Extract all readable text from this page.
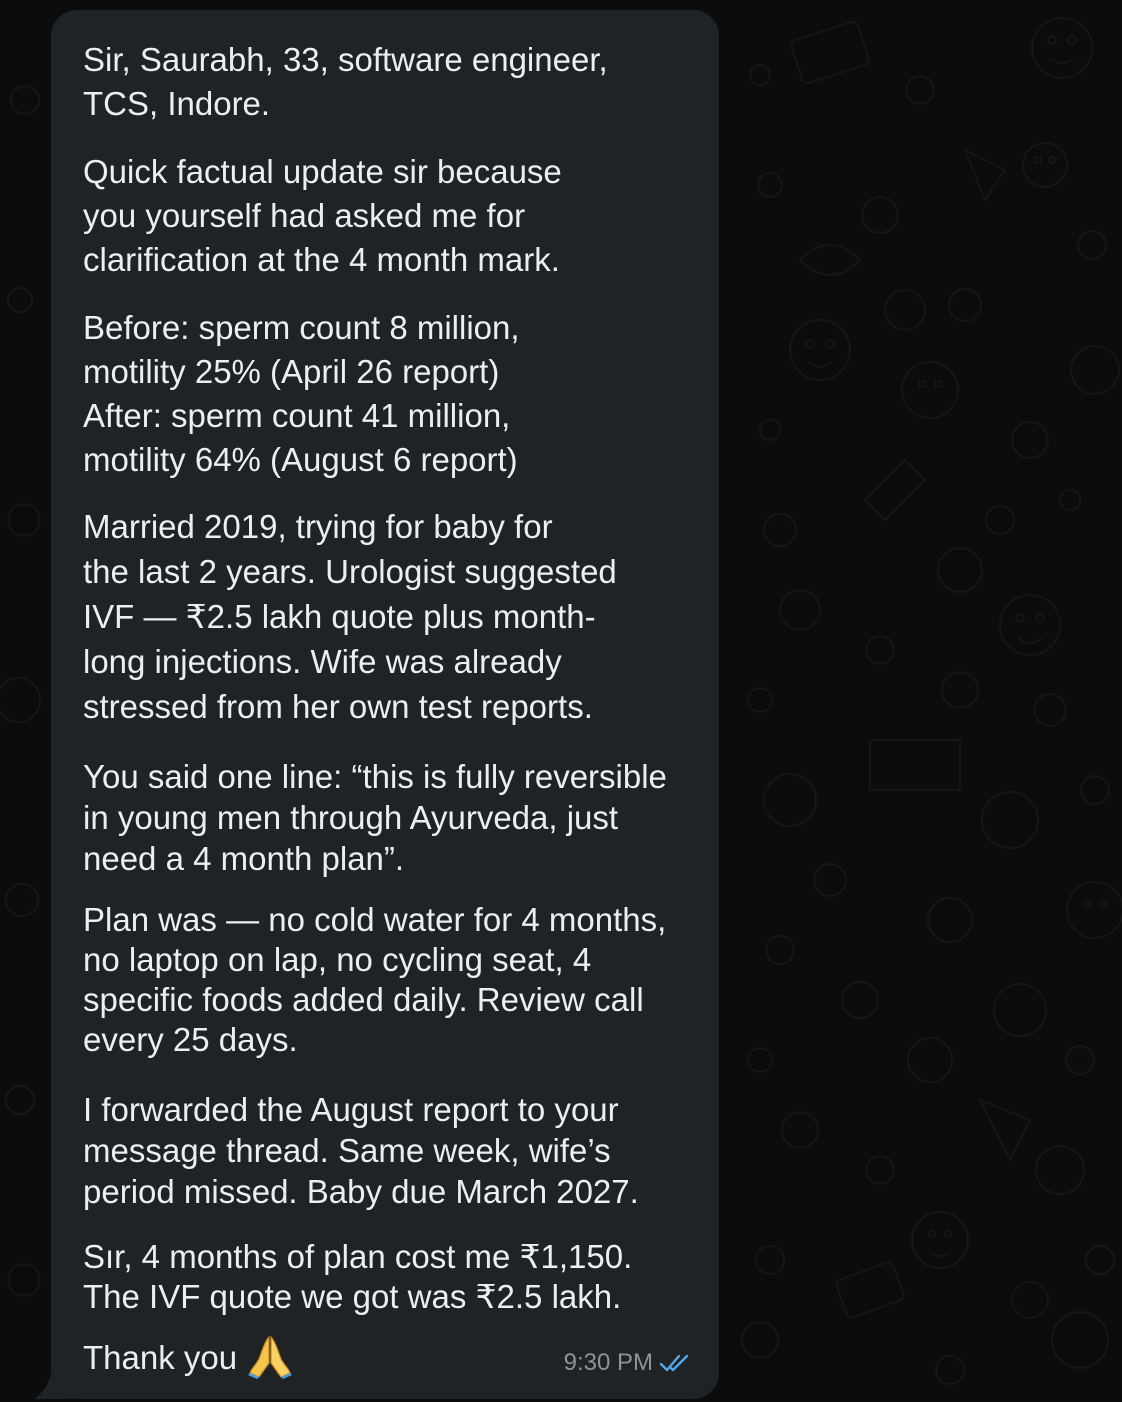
Sir, Saurabh, 33, software engineer,
TCS, Indore.

Quick factual update sir because
you yourself had asked me for
clarification at the 4 month mark.

Before: sperm count 8 million,
motility 25% (April 26 report)
After: sperm count 41 million,
motility 64% (August 6 report)

Married 2019, trying for baby for
the last 2 years. Urologist suggested
IVF — ₹2.5 lakh quote plus month-
long injections. Wife was already
stressed from her own test reports.

You said one line: “this is fully reversible
in young men through Ayurveda, just
need a 4 month plan”.

Plan was — no cold water for 4 months,
no laptop on lap, no cycling seat, 4
specific foods added daily. Review call
every 25 days.

I forwarded the August report to your
message thread. Same week, wife’s
period missed. Baby due March 2027.

Sır, 4 months of plan cost me ₹1,150.
The IVF quote we got was ₹2.5 lakh.

Thank you	9:30 PM
